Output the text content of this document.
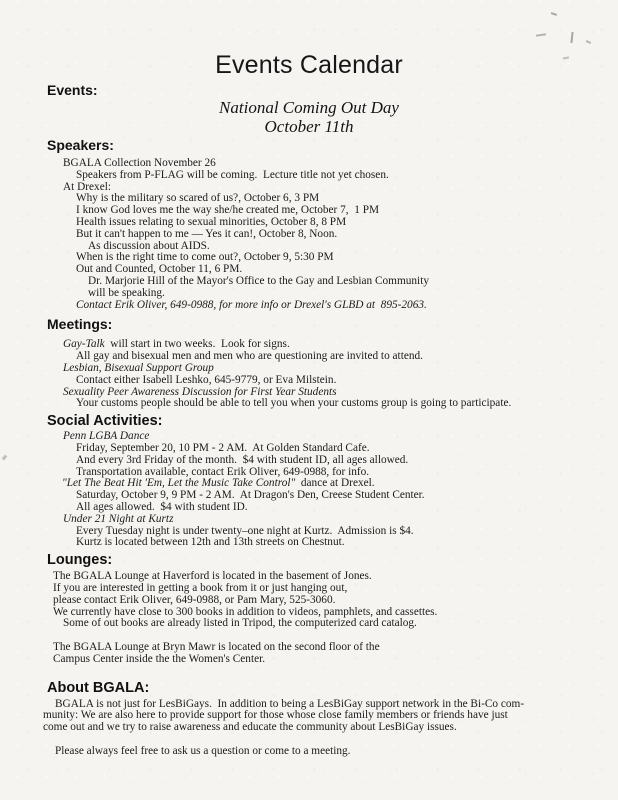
Events Calendar
Events:
National Coming Out Day
October 11th
Speakers:
BGALA Collection November 26
Speakers from P-FLAG will be coming.  Lecture title not yet chosen.
At Drexel:
Why is the military so scared of us?, October 6, 3 PM
I know God loves me the way she/he created me, October 7,  1 PM
Health issues relating to sexual minorities, October 8, 8 PM
But it can't happen to me — Yes it can!, October 8, Noon.
As discussion about AIDS.
When is the right time to come out?, October 9, 5:30 PM
Out and Counted, October 11, 6 PM.
Dr. Marjorie Hill of the Mayor's Office to the Gay and Lesbian Community
will be speaking.
Contact Erik Oliver, 649-0988, for more info or Drexel's GLBD at  895-2063.
Meetings:
Gay-Talk  will start in two weeks.  Look for signs.
All gay and bisexual men and men who are questioning are invited to attend.
Lesbian, Bisexual Support Group
Contact either Isabell Leshko, 645-9779, or Eva Milstein.
Sexuality Peer Awareness Discussion for First Year Students
Your customs people should be able to tell you when your customs group is going to participate.
Social Activities:
Penn LGBA Dance
Friday, September 20, 10 PM - 2 AM.  At Golden Standard Cafe.
And every 3rd Friday of the month.  $4 with student ID, all ages allowed.
Transportation available, contact Erik Oliver, 649-0988, for info.
"Let The Beat Hit 'Em, Let the Music Take Control"  dance at Drexel.
Saturday, October 9, 9 PM - 2 AM.  At Dragon's Den, Creese Student Center.
All ages allowed.  $4 with student ID.
Under 21 Night at Kurtz
Every Tuesday night is under twenty–one night at Kurtz.  Admission is $4.
Kurtz is located between 12th and 13th streets on Chestnut.
Lounges:
The BGALA Lounge at Haverford is located in the basement of Jones.
If you are interested in getting a book from it or just hanging out,
please contact Erik Oliver, 649-0988, or Pam Mary, 525-3060.
We currently have close to 300 books in addition to videos, pamphlets, and cassettes.
Some of out books are already listed in Tripod, the computerized card catalog.
The BGALA Lounge at Bryn Mawr is located on the second floor of the
Campus Center inside the the Women's Center.
About BGALA:
BGALA is not just for LesBiGays.  In addition to being a LesBiGay support network in the Bi-Co com-
munity: We are also here to provide support for those whose close family members or friends have just
come out and we try to raise awareness and educate the community about LesBiGay issues.
Please always feel free to ask us a question or come to a meeting.
